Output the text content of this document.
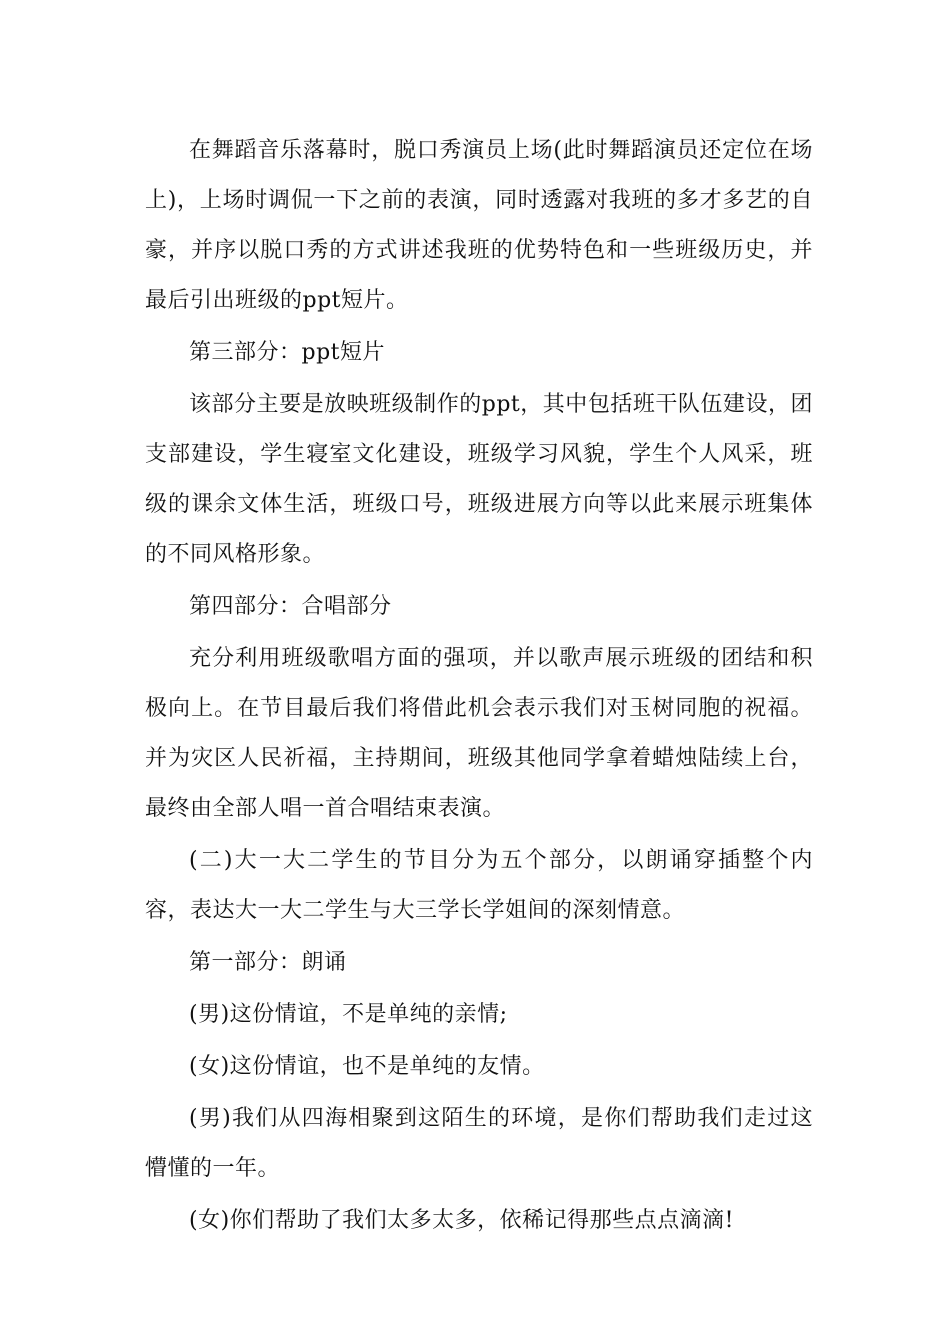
在舞蹈音乐落幕时，脱口秀演员上场(此时舞蹈演员还定位在场上)，上场时调侃一下之前的表演，同时透露对我班的多才多艺的自豪，并序以脱口秀的方式讲述我班的优势特色和一些班级历史，并最后引出班级的ppt短片。

第三部分：ppt短片

该部分主要是放映班级制作的ppt，其中包括班干队伍建设，团支部建设，学生寝室文化建设，班级学习风貌，学生个人风采，班级的课余文体生活，班级口号，班级进展方向等以此来展示班集体的不同风格形象。

第四部分：合唱部分

充分利用班级歌唱方面的强项，并以歌声展示班级的团结和积极向上。在节目最后我们将借此机会表示我们对玉树同胞的祝福。并为灾区人民祈福，主持期间，班级其他同学拿着蜡烛陆续上台，最终由全部人唱一首合唱结束表演。

(二)大一大二学生的节目分为五个部分，以朗诵穿插整个内容，表达大一大二学生与大三学长学姐间的深刻情意。

第一部分：朗诵

(男)这份情谊，不是单纯的亲情;

(女)这份情谊，也不是单纯的友情。

(男)我们从四海相聚到这陌生的环境，是你们帮助我们走过这懵懂的一年。

(女)你们帮助了我们太多太多，依稀记得那些点点滴滴!
